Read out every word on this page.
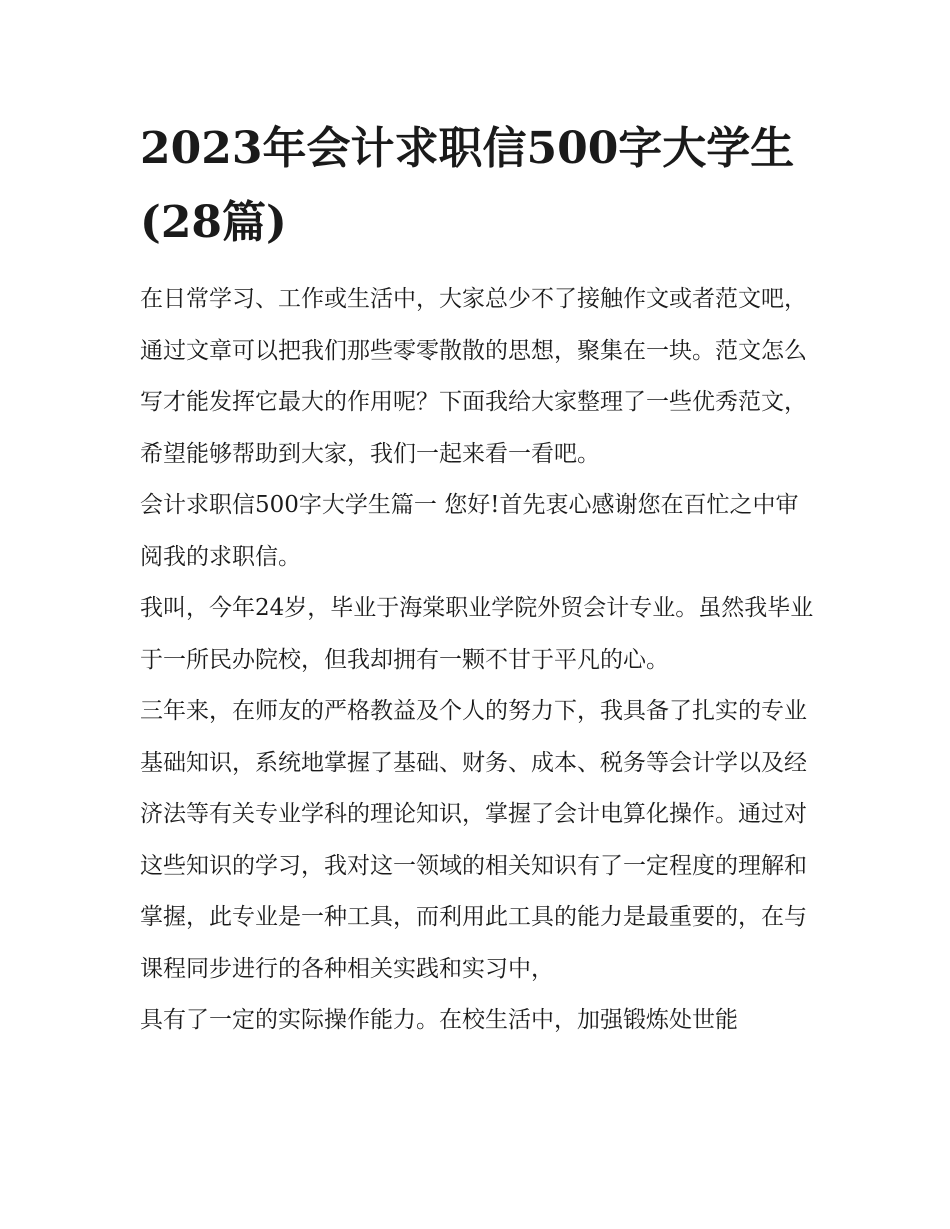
2023年会计求职信500字大学生(28篇)

在日常学习、工作或生活中，大家总少不了接触作文或者范文吧，通过文章可以把我们那些零零散散的思想，聚集在一块。范文怎么写才能发挥它最大的作用呢？下面我给大家整理了一些优秀范文，希望能够帮助到大家，我们一起来看一看吧。

会计求职信500字大学生篇一 您好!首先衷心感谢您在百忙之中审阅我的求职信。

我叫，今年24岁，毕业于海棠职业学院外贸会计专业。虽然我毕业于一所民办院校，但我却拥有一颗不甘于平凡的心。

三年来，在师友的严格教益及个人的努力下，我具备了扎实的专业基础知识，系统地掌握了基础、财务、成本、税务等会计学以及经济法等有关专业学科的理论知识，掌握了会计电算化操作。通过对这些知识的学习，我对这一领域的相关知识有了一定程度的理解和掌握，此专业是一种工具，而利用此工具的能力是最重要的，在与课程同步进行的各种相关实践和实习中，

具有了一定的实际操作能力。在校生活中，加强锻炼处世能
